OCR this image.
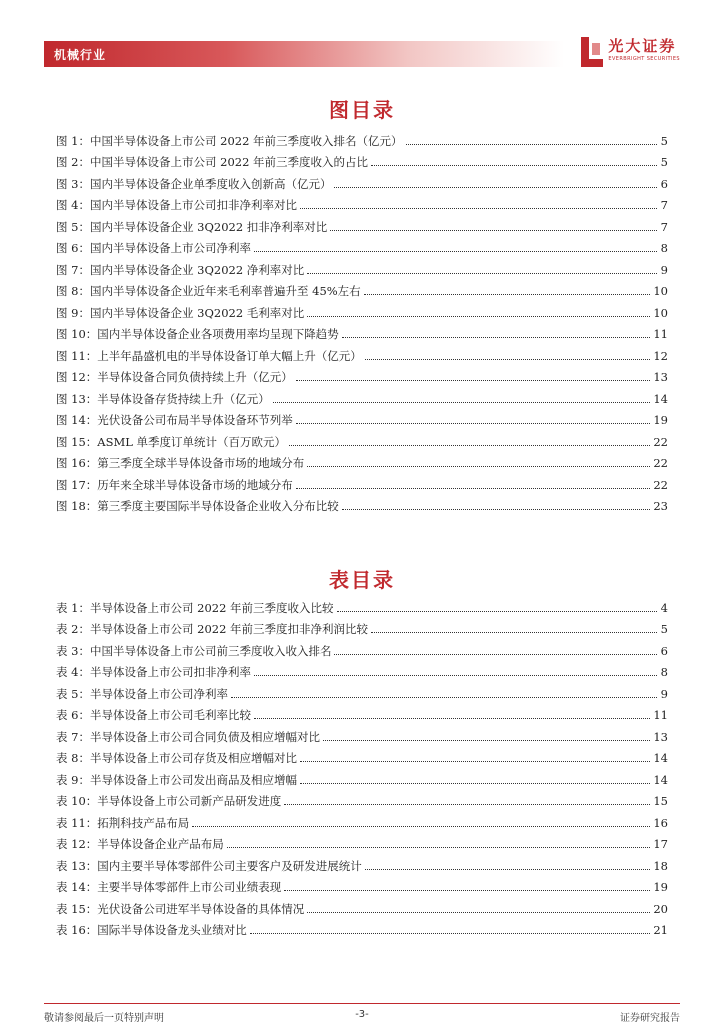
机械行业	光大证券
EVERBRIGHT SECURITIES
图目录
图 1：中国半导体设备上市公司 2022 年前三季度收入排名（亿元）	5
图 2：中国半导体设备上市公司 2022 年前三季度收入的占比	5
图 3：国内半导体设备企业单季度收入创新高（亿元）	6
图 4：国内半导体设备上市公司扣非净利率对比	7
图 5：国内半导体设备企业 3Q2022 扣非净利率对比	7
图 6：国内半导体设备上市公司净利率	8
图 7：国内半导体设备企业 3Q2022 净利率对比	9
图 8：国内半导体设备企业近年来毛利率普遍升至 45%左右	10
图 9：国内半导体设备企业 3Q2022 毛利率对比	10
图 10：国内半导体设备企业各项费用率均呈现下降趋势	11
图 11：上半年晶盛机电的半导体设备订单大幅上升（亿元）	12
图 12：半导体设备合同负债持续上升（亿元）	13
图 13：半导体设备存货持续上升（亿元）	14
图 14：光伏设备公司布局半导体设备环节列举	19
图 15：ASML 单季度订单统计（百万欧元）	22
图 16：第三季度全球半导体设备市场的地域分布	22
图 17：历年来全球半导体设备市场的地域分布	22
图 18：第三季度主要国际半导体设备企业收入分布比较	23
表目录
表 1：半导体设备上市公司 2022 年前三季度收入比较	4
表 2：半导体设备上市公司 2022 年前三季度扣非净利润比较	5
表 3：中国半导体设备上市公司前三季度收入收入排名	6
表 4：半导体设备上市公司扣非净利率	8
表 5：半导体设备上市公司净利率	9
表 6：半导体设备上市公司毛利率比较	11
表 7：半导体设备上市公司合同负债及相应增幅对比	13
表 8：半导体设备上市公司存货及相应增幅对比	14
表 9：半导体设备上市公司发出商品及相应增幅	14
表 10：半导体设备上市公司新产品研发进度	15
表 11：拓荆科技产品布局	16
表 12：半导体设备企业产品布局	17
表 13：国内主要半导体零部件公司主要客户及研发进展统计	18
表 14：主要半导体零部件上市公司业绩表现	19
表 15：光伏设备公司进军半导体设备的具体情况	20
表 16：国际半导体设备龙头业绩对比	21
敬请参阅最后一页特别声明	-3-	证券研究报告
